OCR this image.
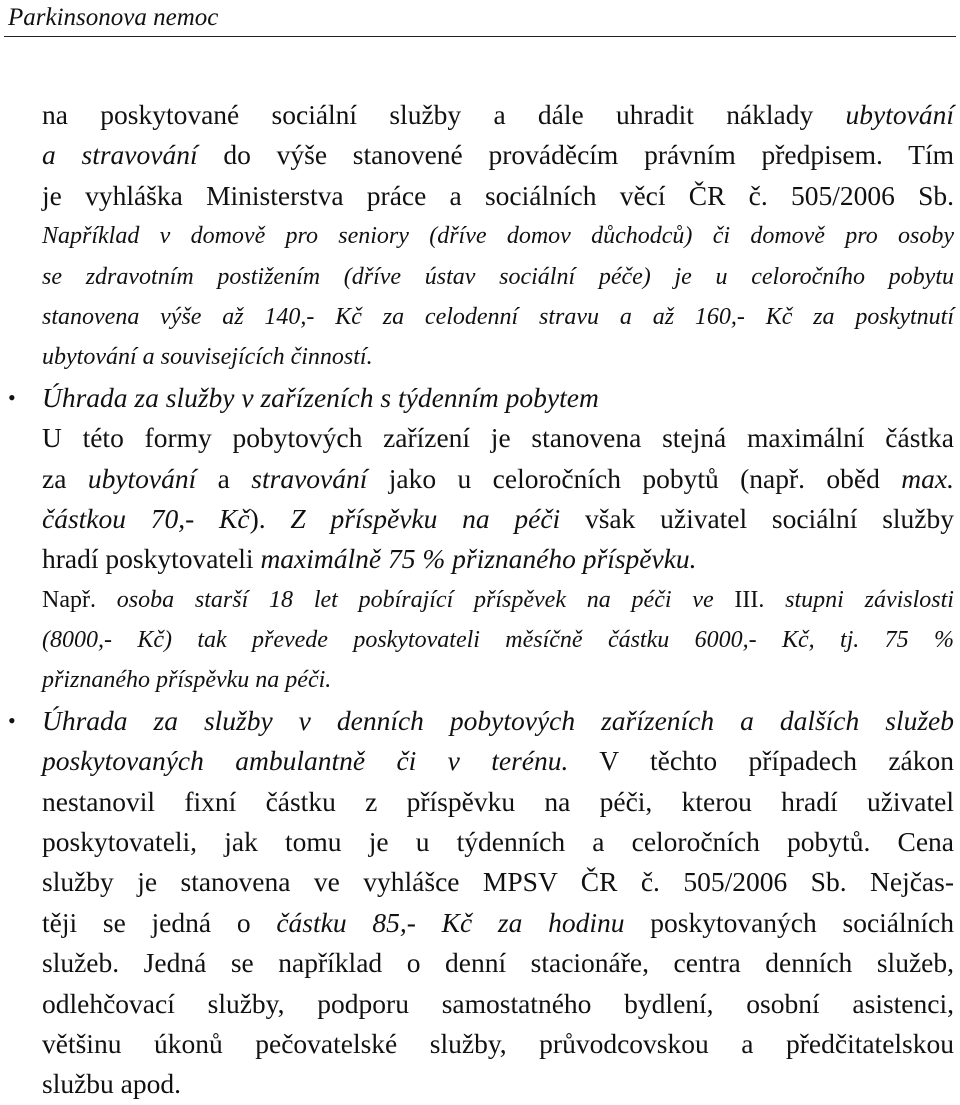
Parkinsonova nemoc
na poskytované sociální služby a dále uhradit náklady ubytování
a stravování do výše stanovené prováděcím právním předpisem. Tím
je vyhláška Ministerstva práce a sociálních věcí ČR č. 505/2006 Sb.
Například v domově pro seniory (dříve domov důchodců) či domově pro osoby
se zdravotním postižením (dříve ústav sociální péče) je u celoročního pobytu
stanovena výše až 140,- Kč za celodenní stravu a až 160,- Kč za poskytnutí
ubytování a souvisejících činností.
• Úhrada za služby v zařízeních s týdenním pobytem
U této formy pobytových zařízení je stanovena stejná maximální částka
za ubytování a stravování jako u celoročních pobytů (např. oběd max.
částkou 70,- Kč). Z příspěvku na péči však uživatel sociální služby
hradí poskytovateli maximálně 75 % přiznaného příspěvku.
Např. osoba starší 18 let pobírající příspěvek na péči ve III. stupni závislosti
(8000,- Kč) tak převede poskytovateli měsíčně částku 6000,- Kč, tj. 75 %
přiznaného příspěvku na péči.
• Úhrada za služby v denních pobytových zařízeních a dalších služeb
poskytovaných ambulantně či v terénu. V těchto případech zákon
nestanovil fixní částku z příspěvku na péči, kterou hradí uživatel
poskytovateli, jak tomu je u týdenních a celoročních pobytů. Cena
služby je stanovena ve vyhlášce MPSV ČR č. 505/2006 Sb. Nejčas-
těji se jedná o částku 85,- Kč za hodinu poskytovaných sociálních
služeb. Jedná se například o denní stacionáře, centra denních služeb,
odlehčovací služby, podporu samostatného bydlení, osobní asistenci,
většinu úkonů pečovatelské služby, průvodcovskou a předčitatelskou
službu apod.
